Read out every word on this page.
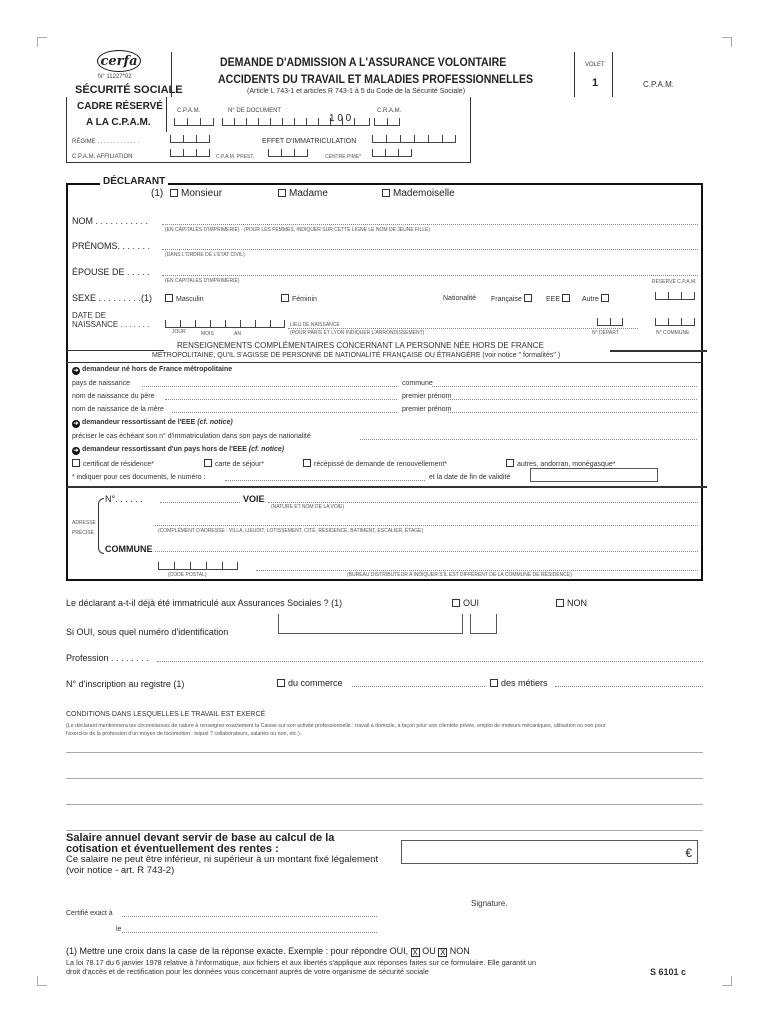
cerfa
N° 11227*02
SÉCURITÉ SOCIALE
DEMANDE D'ADMISSION A L'ASSURANCE VOLONTAIRE
ACCIDENTS DU TRAVAIL ET MALADIES PROFESSIONNELLES
(Article L 743-1 et articles R 743-1 à 5 du Code de la Sécurité Sociale)
VOLET
1	C.P.A.M.
CADRE RÉSERVÉ
A LA C.P.A.M.
C.P.A.M.	N° DE DOCUMENT
1 0 0
C.R.A.M.
RÉGIME . . . . . . . . . . . . .	EFFET D'IMMATRICULATION
C.P.A.M. AFFILIATION	C.P.A.M. PREST.	CENTRE PIME*
DÉCLARANT
(1)	Monsieur	Madame	Mademoiselle
NOM . . . . . . . . . . .
(EN CAPITALES D'IMPRIMERIE) - (POUR LES FEMMES, INDIQUER SUR CETTE LIGNE LE NOM DE JEUNE FILLE)
PRÉNOMS. . . . . . .
(DANS L'ORDRE DE L'ÉTAT CIVIL)
ÉPOUSE DE . . . . .
(EN CAPITALES D'IMPRIMERIE)	RÉSERVÉ C.P.A.M.
SEXE . . . . . . . . .(1)	Masculin	Féminin	Nationalité Française	EEE	Autre
DATE DE
NAISSANCE . . . . . . .
JOUR	MOIS	AN
LIEU DE NAISSANCE
(POUR PARIS ET LYON INDIQUER L'ARRONDISSEMENT)	N° DÉPART	N° COMMUNE
RENSEIGNEMENTS COMPLÉMENTAIRES CONCERNANT LA PERSONNE NÉE HORS DE FRANCE
MÉTROPOLITAINE, QU'IL S'AGISSE DE PERSONNE DE NATIONALITÉ FRANÇAISE OU ÉTRANGÈRE (voir notice " formalités" )
➔ demandeur né hors de France métropolitaine
pays de naissance	commune
nom de naissance du père	premier prénom
nom de naissance de la mère	premier prénom
➔ demandeur ressortissant de l'EEE (cf. notice)
préciser le cas échéant son n° d'immatriculation dans son pays de nationalité
➔ demandeur ressortissant d'un pays hors de l'EEE (cf. notice)
certificat de résidence*	carte de séjour*	récépissé de demande de renouvellement*	autres, andorran, monégasque*
* indiquer pour ces documents, le numéro :	et la date de fin de validité
N°. . . . . .	VOIE
(NATURE ET NOM DE LA VOIE)
ADRESSE
PRÉCISE	(COMPLÉMENT D'ADRESSE : VILLA, LIEUDIT, LOTISSEMENT, CITÉ, RÉSIDENCE, BATIMENT, ESCALIER, ÉTAGE)
COMMUNE
(CODE POSTAL)	(BUREAU DISTRIBUTEUR A INDIQUER S'IL EST DIFFÉRENT DE LA COMMUNE DE RÉSIDENCE)
Le déclarant a-t-il déjà été immatriculé aux Assurances Sociales ? (1)	OUI	NON
Si OUI, sous quel numéro d'identification
Profession . . . . . . . .
N° d'inscription au registre (1)	du commerce	des métiers
CONDITIONS DANS LESQUELLES LE TRAVAIL EST EXERCÉ
(Le déclarant mentionnera les circonstances de nature à renseigner exactement la Caisse sur son activité professionnelle : travail à domicile, à façon pour une clientèle privée, emploi de moteurs mécaniques, utilisation ou non pour
l'exercice de la profession d'un moyen de locomotion : lequel ? collaborateurs, salariés ou non, etc.).
Salaire annuel devant servir de base au calcul de la
cotisation et éventuellement des rentes :
Ce salaire ne peut être inférieur, ni supérieur à un montant fixé légalement
(voir notice - art. R 743-2)
€
Signature.
Certifié exact à
le
(1) Mettre une croix dans la case de la réponse exacte. Exemple : pour répondre OUI, X OU X NON
La loi 78.17 du 6 janvier 1978 relative à l'informatique, aux fichiers et aux libertés s'applique aux réponses faites sur ce formulaire. Elle garantit un
droit d'accès et de rectification pour les données vous concernant auprès de votre organisme de sécurité sociale	S 6101 c
